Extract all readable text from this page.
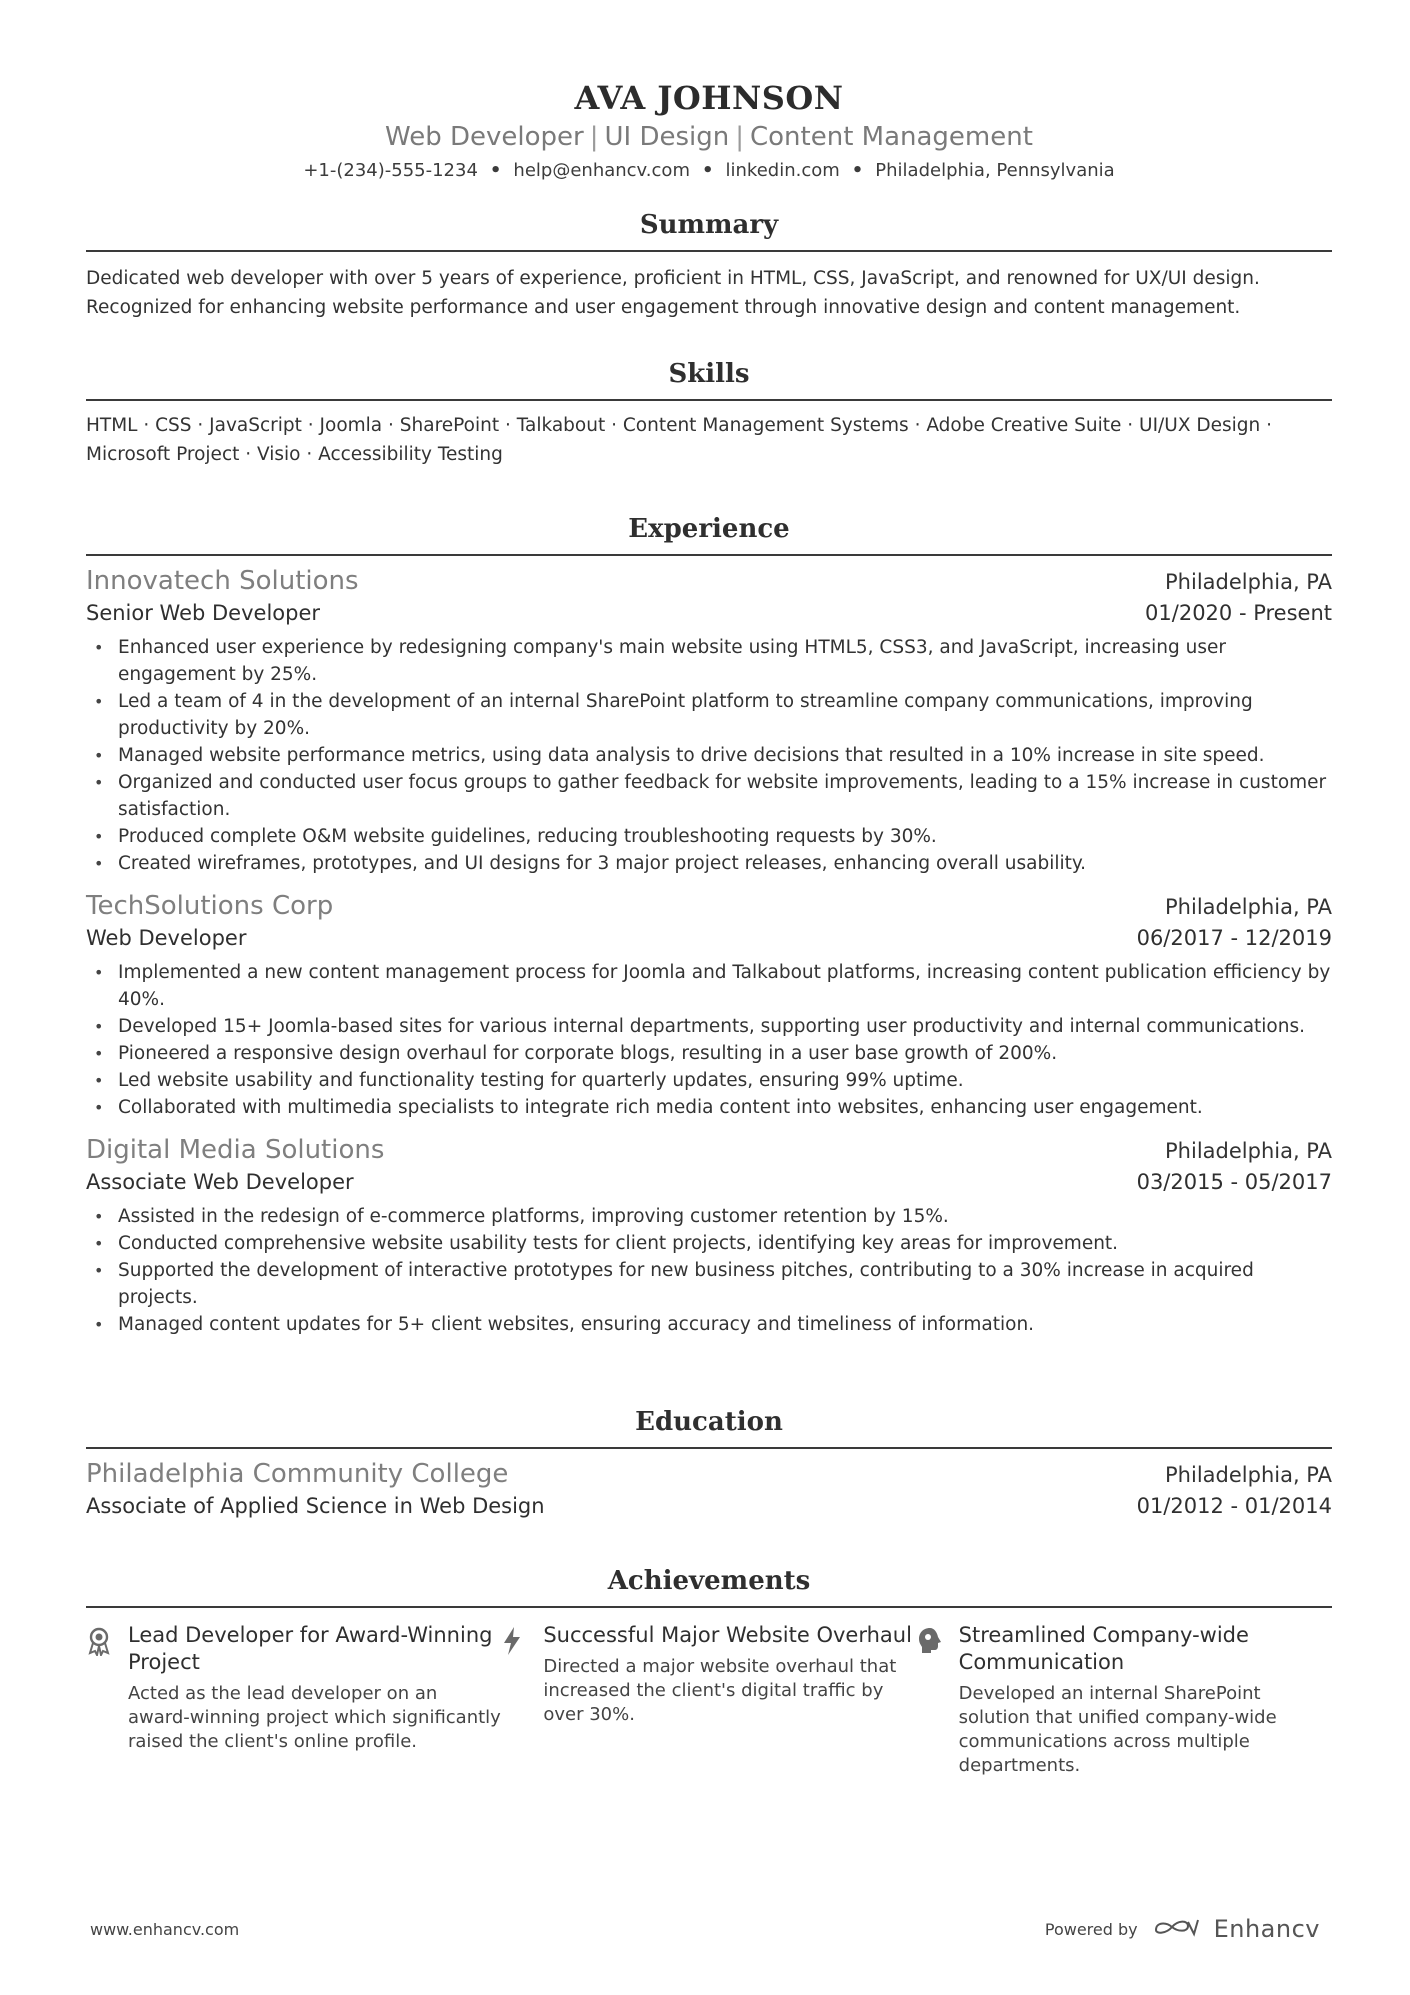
AVA JOHNSON
Web Developer | UI Design | Content Management
+1-(234)-555-1234 • help@enhancv.com • linkedin.com • Philadelphia, Pennsylvania
Summary
Dedicated web developer with over 5 years of experience, proficient in HTML, CSS, JavaScript, and renowned for UX/UI design. Recognized for enhancing website performance and user engagement through innovative design and content management.
Skills
HTML · CSS · JavaScript · Joomla · SharePoint · Talkabout · Content Management Systems · Adobe Creative Suite · UI/UX Design · Microsoft Project · Visio · Accessibility Testing
Experience
Innovatech Solutions	Philadelphia, PA
Senior Web Developer	01/2020 - Present
• Enhanced user experience by redesigning company's main website using HTML5, CSS3, and JavaScript, increasing user engagement by 25%.
• Led a team of 4 in the development of an internal SharePoint platform to streamline company communications, improving productivity by 20%.
• Managed website performance metrics, using data analysis to drive decisions that resulted in a 10% increase in site speed.
• Organized and conducted user focus groups to gather feedback for website improvements, leading to a 15% increase in customer satisfaction.
• Produced complete O&M website guidelines, reducing troubleshooting requests by 30%.
• Created wireframes, prototypes, and UI designs for 3 major project releases, enhancing overall usability.
TechSolutions Corp	Philadelphia, PA
Web Developer	06/2017 - 12/2019
• Implemented a new content management process for Joomla and Talkabout platforms, increasing content publication efficiency by 40%.
• Developed 15+ Joomla-based sites for various internal departments, supporting user productivity and internal communications.
• Pioneered a responsive design overhaul for corporate blogs, resulting in a user base growth of 200%.
• Led website usability and functionality testing for quarterly updates, ensuring 99% uptime.
• Collaborated with multimedia specialists to integrate rich media content into websites, enhancing user engagement.
Digital Media Solutions	Philadelphia, PA
Associate Web Developer	03/2015 - 05/2017
• Assisted in the redesign of e-commerce platforms, improving customer retention by 15%.
• Conducted comprehensive website usability tests for client projects, identifying key areas for improvement.
• Supported the development of interactive prototypes for new business pitches, contributing to a 30% increase in acquired projects.
• Managed content updates for 5+ client websites, ensuring accuracy and timeliness of information.
Education
Philadelphia Community College	Philadelphia, PA
Associate of Applied Science in Web Design	01/2012 - 01/2014
Achievements
Lead Developer for Award-Winning Project
Acted as the lead developer on an award-winning project which significantly raised the client's online profile.
Successful Major Website Overhaul
Directed a major website overhaul that increased the client's digital traffic by over 30%.
Streamlined Company-wide Communication
Developed an internal SharePoint solution that unified company-wide communications across multiple departments.
www.enhancv.com	Powered by	Enhancv
